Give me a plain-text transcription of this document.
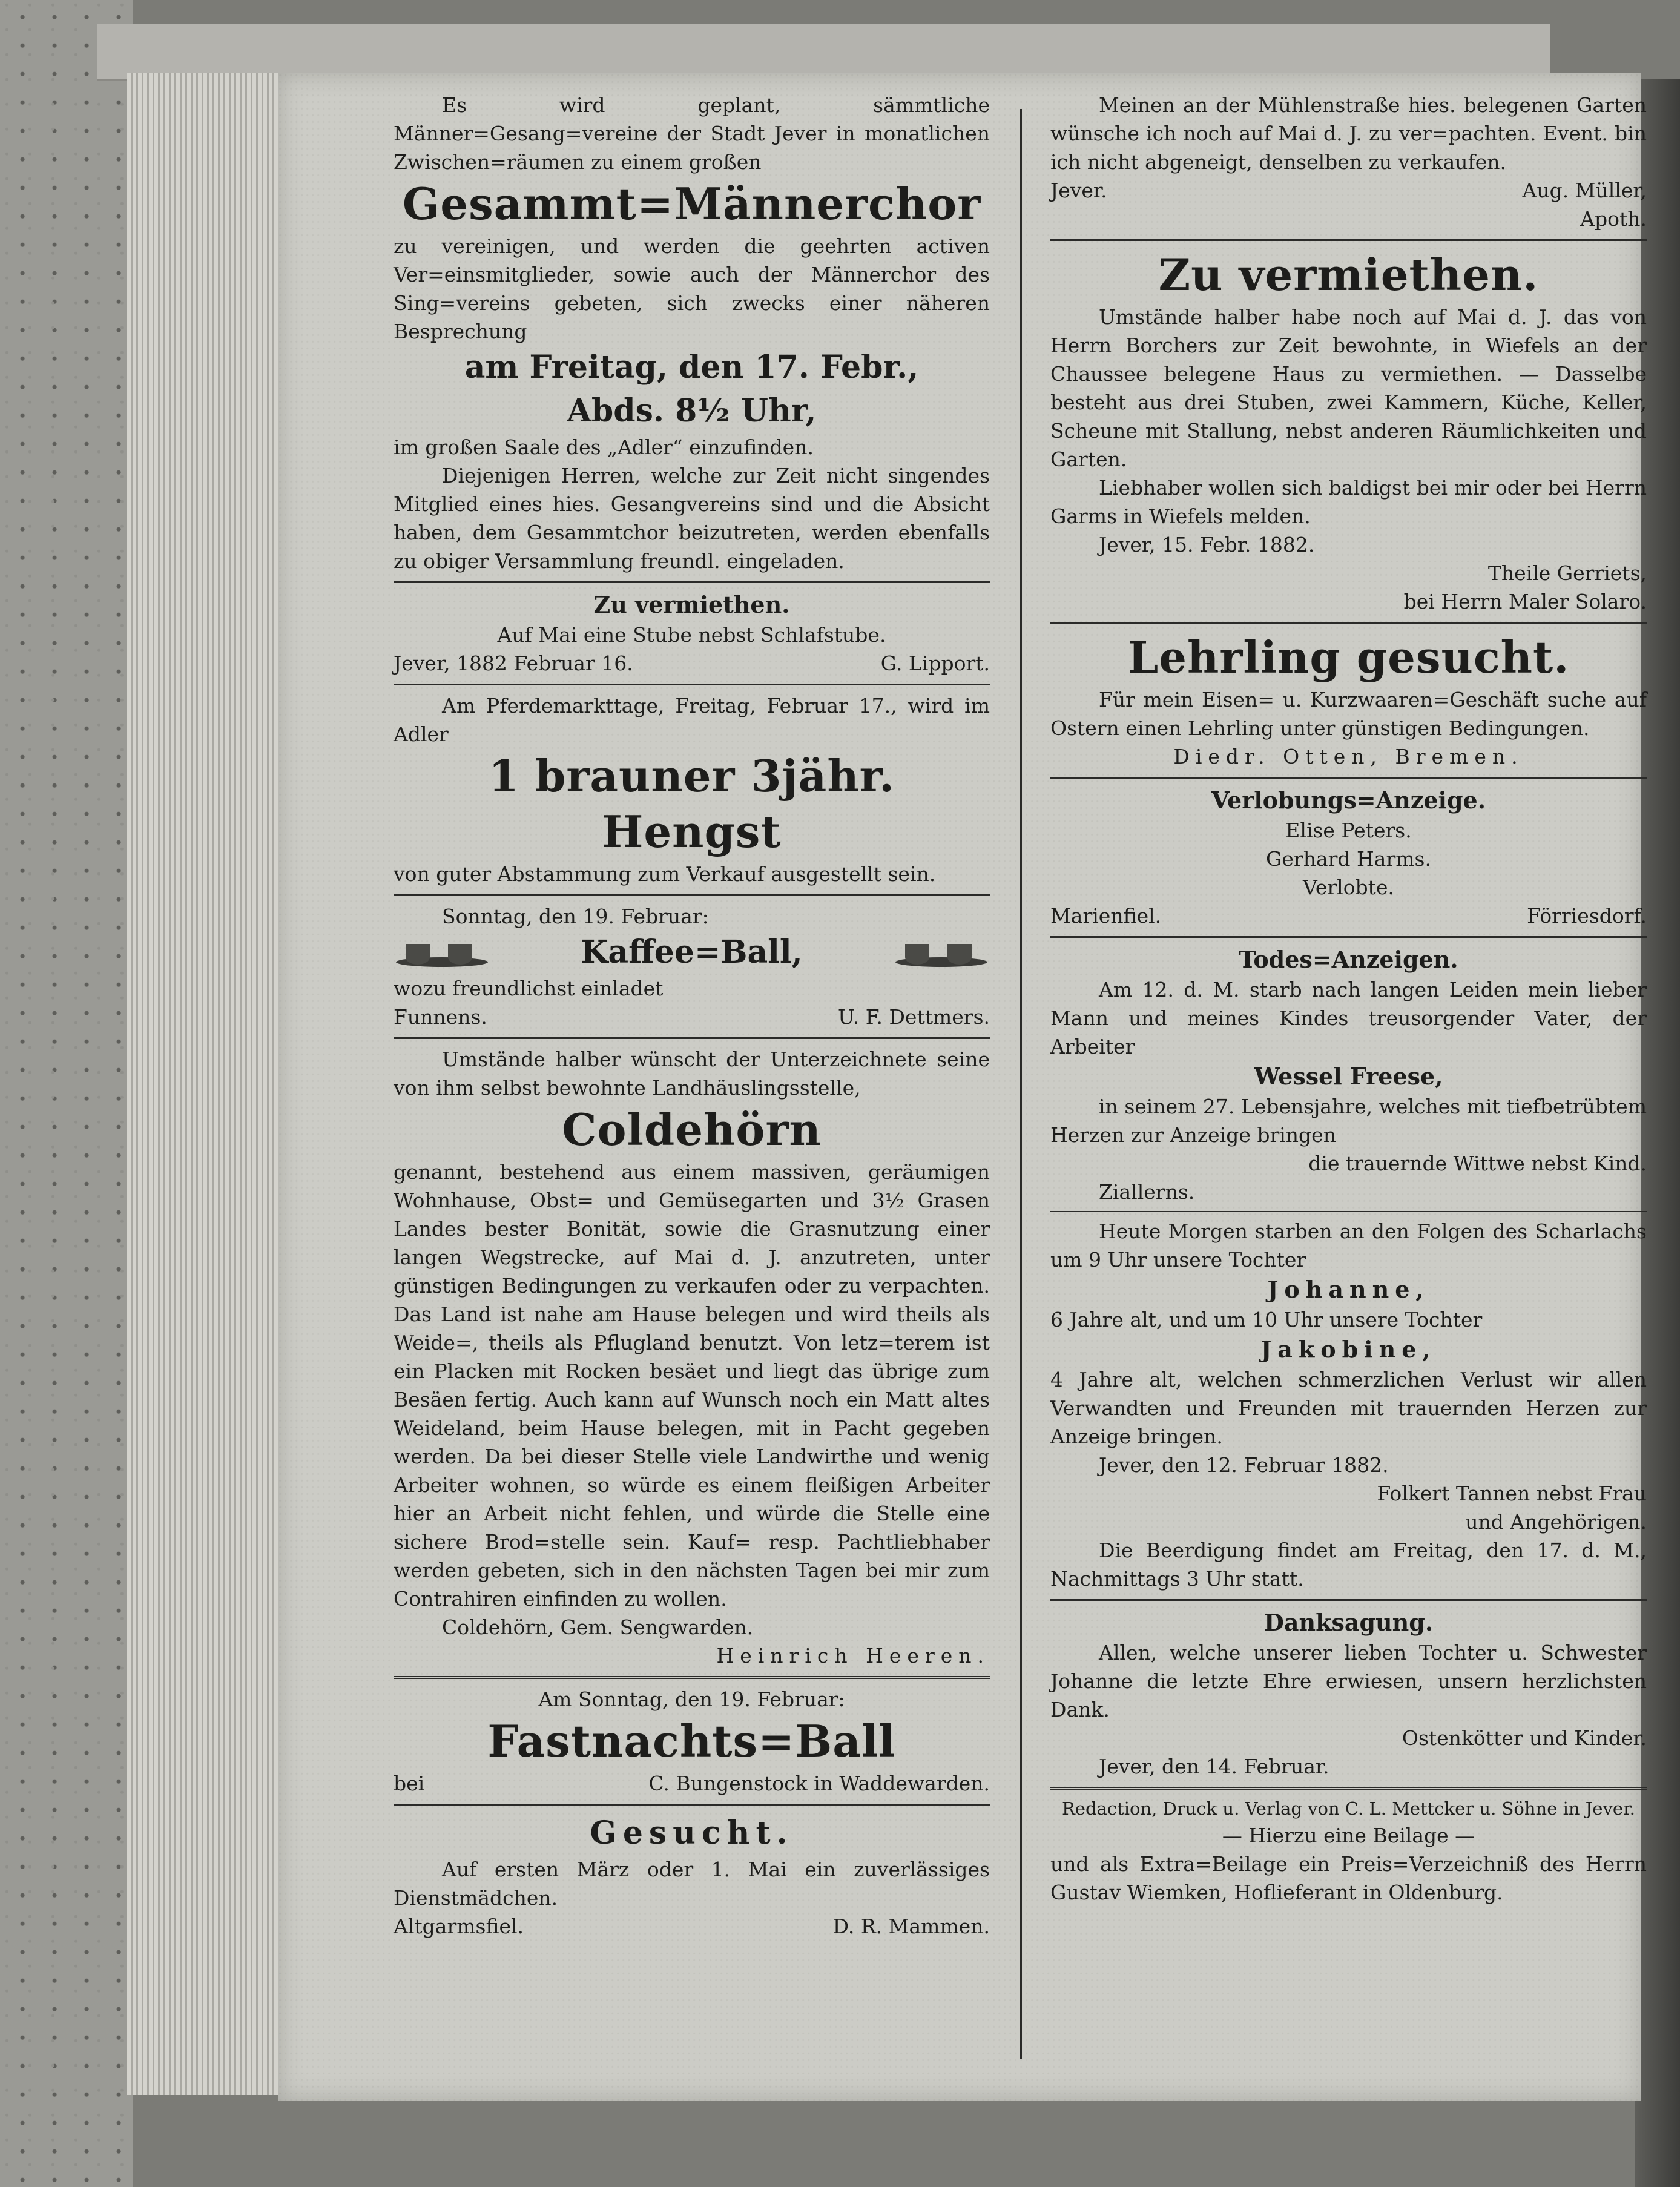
Es wird geplant, sämmtliche Männer=Gesang=vereine der Stadt Jever in monatlichen Zwischen=räumen zu einem großen

Gesammt=Männerchor

zu vereinigen, und werden die geehrten activen Ver=einsmitglieder, sowie auch der Männerchor des Sing=vereins gebeten, sich zwecks einer näheren Besprechung

am Freitag, den 17. Febr.,
Abds. 8½ Uhr,

im großen Saale des „Adler“ einzufinden.

Diejenigen Herren, welche zur Zeit nicht singendes Mitglied eines hies. Gesangvereins sind und die Absicht haben, dem Gesammtchor beizutreten, werden ebenfalls zu obiger Versammlung freundl. eingeladen.

Zu vermiethen.

Auf Mai eine Stube nebst Schlafstube.

Jever, 1882 Februar 16.	G. Lipport.

Am Pferdemarkttage, Freitag, Februar 17., wird im Adler

1 brauner 3jähr. Hengst

von guter Abstammung zum Verkauf ausgestellt sein.

Sonntag, den 19. Februar:

Kaffee=Ball,

wozu freundlichst einladet

Funnens.	U. F. Dettmers.

Umstände halber wünscht der Unterzeichnete seine von ihm selbst bewohnte Landhäuslingsstelle,

Coldehörn

genannt, bestehend aus einem massiven, geräumigen Wohnhause, Obst= und Gemüsegarten und 3½ Grasen Landes bester Bonität, sowie die Grasnutzung einer langen Wegstrecke, auf Mai d. J. anzutreten, unter günstigen Bedingungen zu verkaufen oder zu verpachten. Das Land ist nahe am Hause belegen und wird theils als Weide=, theils als Pflugland benutzt. Von letz=terem ist ein Placken mit Rocken besäet und liegt das übrige zum Besäen fertig. Auch kann auf Wunsch noch ein Matt altes Weideland, beim Hause belegen, mit in Pacht gegeben werden. Da bei dieser Stelle viele Landwirthe und wenig Arbeiter wohnen, so würde es einem fleißigen Arbeiter hier an Arbeit nicht fehlen, und würde die Stelle eine sichere Brod=stelle sein. Kauf= resp. Pachtliebhaber werden gebeten, sich in den nächsten Tagen bei mir zum Contrahiren einfinden zu wollen.

Coldehörn, Gem. Sengwarden.

Heinrich Heeren.

Am Sonntag, den 19. Februar:

Fastnachts=Ball
bei	C. Bungenstock in Waddewarden.
Gesucht.

Auf ersten März oder 1. Mai ein zuverlässiges Dienstmädchen.

Altgarmsfiel.	D. R. Mammen.

Meinen an der Mühlenstraße hies. belegenen Garten wünsche ich noch auf Mai d. J. zu ver=pachten. Event. bin ich nicht abgeneigt, denselben zu verkaufen.

Jever.	Aug. Müller,

Apoth.

Zu vermiethen.

Umstände halber habe noch auf Mai d. J. das von Herrn Borchers zur Zeit bewohnte, in Wiefels an der Chaussee belegene Haus zu vermiethen. — Dasselbe besteht aus drei Stuben, zwei Kammern, Küche, Keller, Scheune mit Stallung, nebst anderen Räumlichkeiten und Garten.

Liebhaber wollen sich baldigst bei mir oder bei Herrn Garms in Wiefels melden.

Jever, 15. Febr. 1882.

Theile Gerriets,

bei Herrn Maler Solaro.

Lehrling gesucht.

Für mein Eisen= u. Kurzwaaren=Geschäft suche auf Ostern einen Lehrling unter günstigen Bedingungen.

Diedr. Otten, Bremen.

Verlobungs=Anzeige.

Elise Peters.

Gerhard Harms.

Verlobte.

Marienfiel.	Förriesdorf.
Todes=Anzeigen.

Am 12. d. M. starb nach langen Leiden mein lieber Mann und meines Kindes treusorgender Vater, der Arbeiter

Wessel Freese,

in seinem 27. Lebensjahre, welches mit tiefbetrübtem Herzen zur Anzeige bringen

die trauernde Wittwe nebst Kind.

Ziallerns.

Heute Morgen starben an den Folgen des Scharlachs um 9 Uhr unsere Tochter

Johanne,

6 Jahre alt, und um 10 Uhr unsere Tochter

Jakobine,

4 Jahre alt, welchen schmerzlichen Verlust wir allen Verwandten und Freunden mit trauernden Herzen zur Anzeige bringen.

Jever, den 12. Februar 1882.

Folkert Tannen nebst Frau

und Angehörigen.

Die Beerdigung findet am Freitag, den 17. d. M., Nachmittags 3 Uhr statt.

Danksagung.

Allen, welche unserer lieben Tochter u. Schwester Johanne die letzte Ehre erwiesen, unsern herzlichsten Dank.

Ostenkötter und Kinder.

Jever, den 14. Februar.

Redaction, Druck u. Verlag von C. L. Mettcker u. Söhne in Jever.

— Hierzu eine Beilage —

und als Extra=Beilage ein Preis=Verzeichniß des Herrn Gustav Wiemken, Hoflieferant in Oldenburg.
